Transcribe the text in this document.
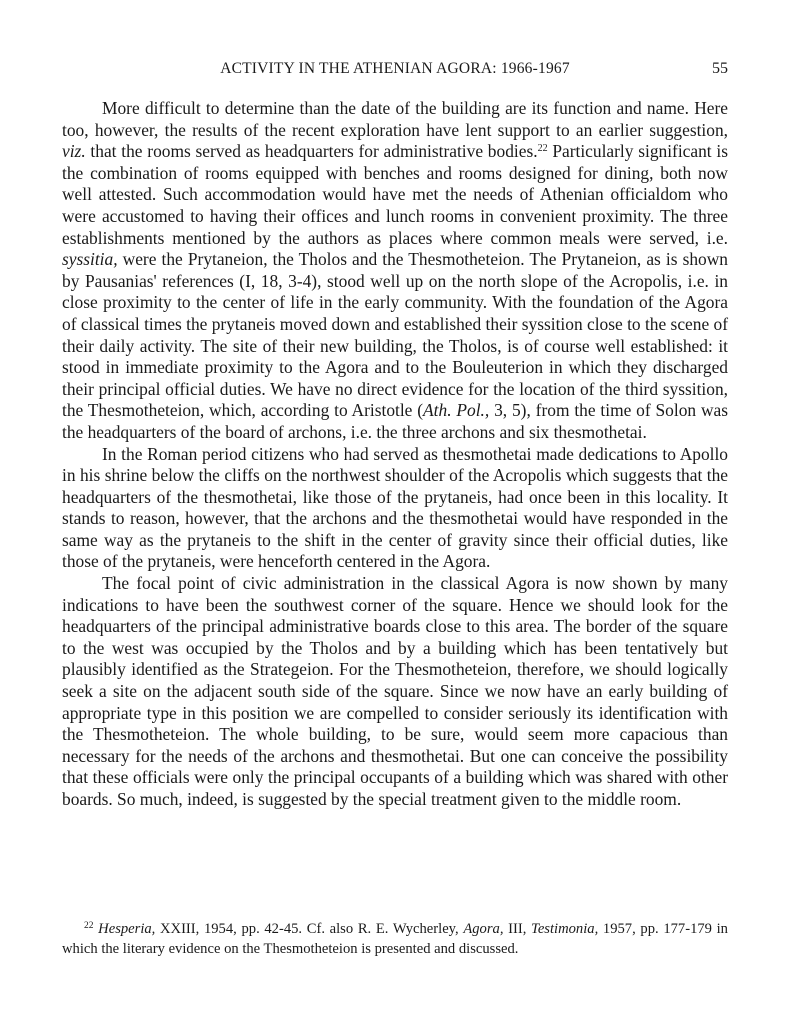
ACTIVITY IN THE ATHENIAN AGORA: 1966-1967	55

More difficult to determine than the date of the building are its function and name. Here too, however, the results of the recent exploration have lent support to an earlier suggestion, viz. that the rooms served as headquarters for administrative bodies.$^{22}$ Particularly significant is the combination of rooms equipped with benches and rooms designed for dining, both now well attested. Such accommodation would have met the needs of Athenian officialdom who were accustomed to having their offices and lunch rooms in convenient proximity. The three establishments mentioned by the authors as places where common meals were served, i.e. syssitia, were the Prytaneion, the Tholos and the Thesmotheteion. The Prytaneion, as is shown by Pausanias' references (I, 18, 3-4), stood well up on the north slope of the Acropolis, i.e. in close proximity to the center of life in the early community. With the foundation of the Agora of classical times the prytaneis moved down and established their syssition close to the scene of their daily activity. The site of their new building, the Tholos, is of course well established: it stood in immediate proximity to the Agora and to the Bouleuterion in which they discharged their principal official duties. We have no direct evidence for the location of the third syssition, the Thesmotheteion, which, according to Aristotle (Ath. Pol., 3, 5), from the time of Solon was the headquarters of the board of archons, i.e. the three archons and six thesmothetai.

In the Roman period citizens who had served as thesmothetai made dedications to Apollo in his shrine below the cliffs on the northwest shoulder of the Acropolis which suggests that the headquarters of the thesmothetai, like those of the prytaneis, had once been in this locality. It stands to reason, however, that the archons and the thesmothetai would have responded in the same way as the prytaneis to the shift in the center of gravity since their official duties, like those of the prytaneis, were henceforth centered in the Agora.

The focal point of civic administration in the classical Agora is now shown by many indications to have been the southwest corner of the square. Hence we should look for the headquarters of the principal administrative boards close to this area. The border of the square to the west was occupied by the Tholos and by a building which has been tentatively but plausibly identified as the Strategeion. For the Thesmotheteion, therefore, we should logically seek a site on the adjacent south side of the square. Since we now have an early building of appropriate type in this position we are compelled to consider seriously its identification with the Thesmotheteion. The whole building, to be sure, would seem more capacious than necessary for the needs of the archons and thesmothetai. But one can conceive the possibility that these officials were only the principal occupants of a building which was shared with other boards. So much, indeed, is suggested by the special treatment given to the middle room.

$^{22}$ Hesperia, XXIII, 1954, pp. 42-45. Cf. also R. E. Wycherley, Agora, III, Testimonia, 1957, pp. 177-179 in which the literary evidence on the Thesmotheteion is presented and discussed.
